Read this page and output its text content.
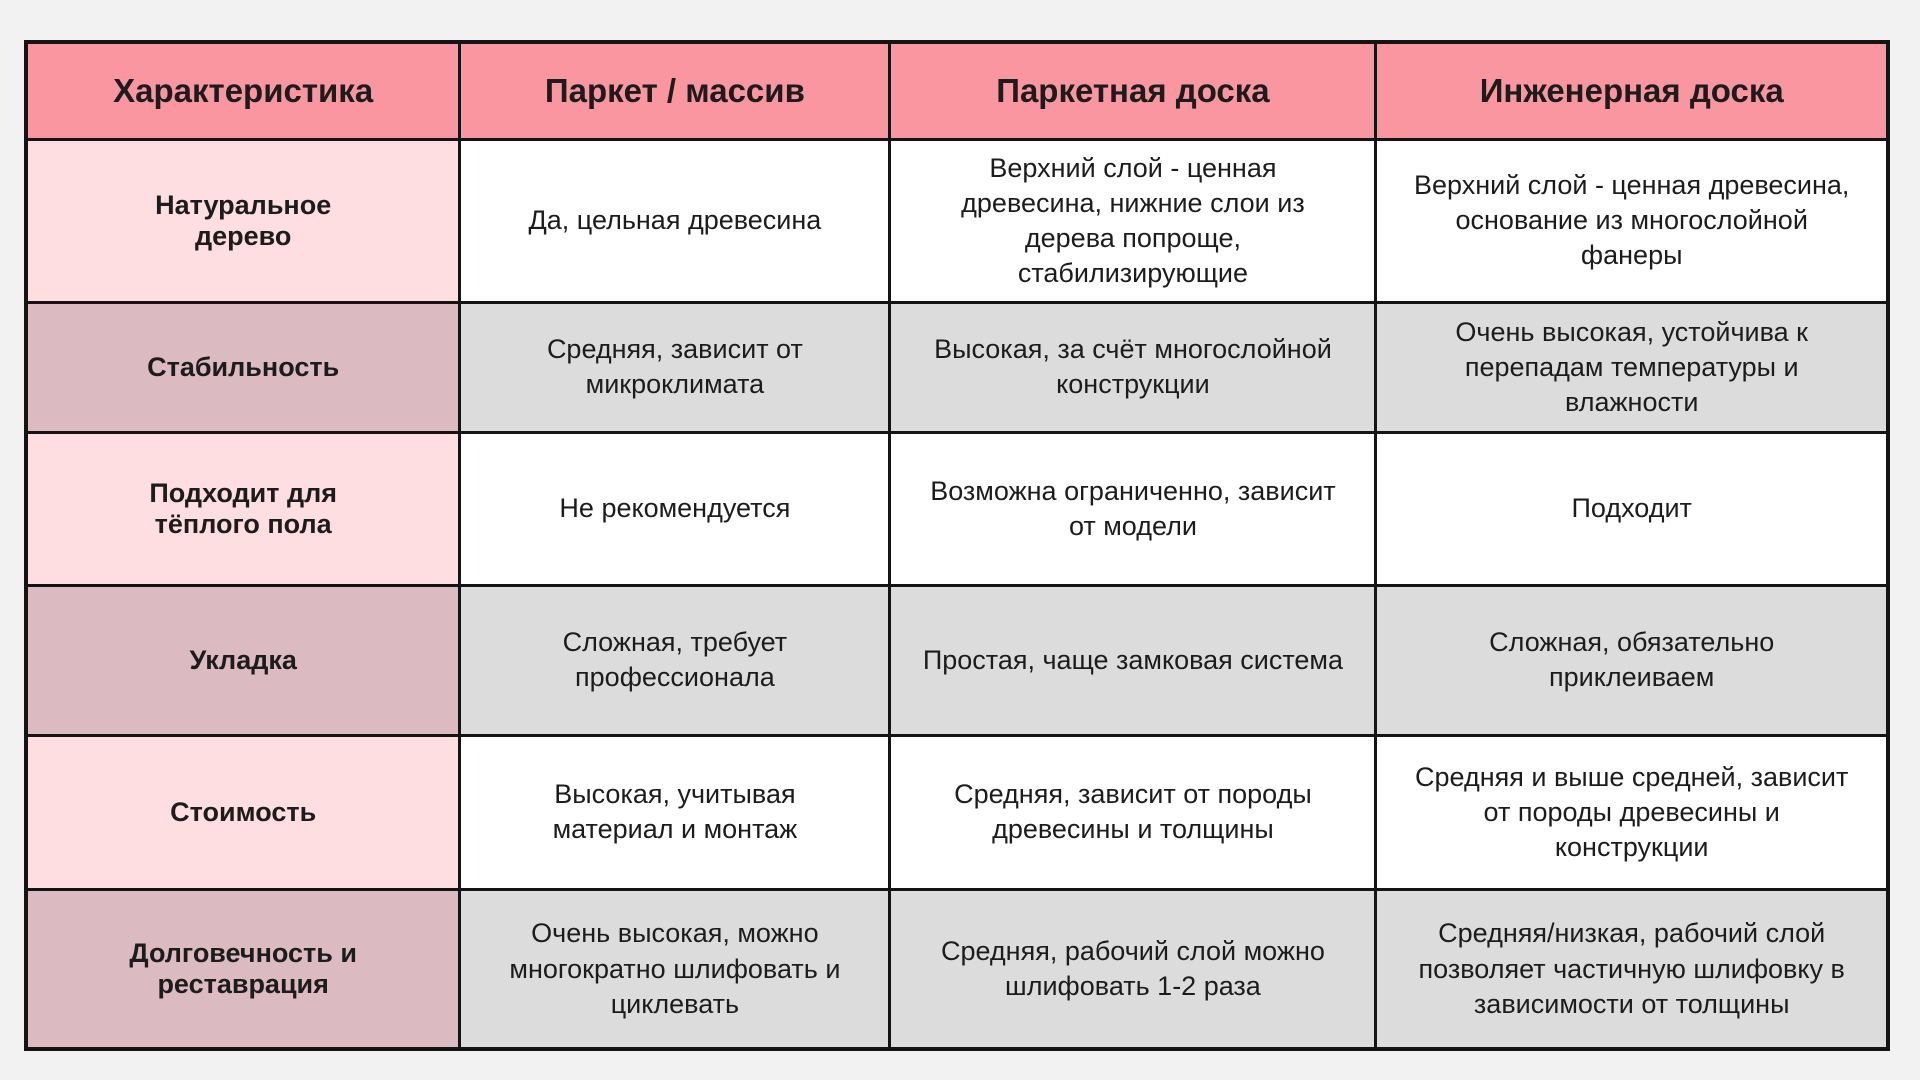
Характеристика	Паркет / массив	Паркетная доска	Инженерная доска
Натуральное дерево	Да, цельная древесина	Верхний слой - ценная древесина, нижние слои из дерева попроще, стабилизирующие	Верхний слой - ценная древесина, основание из многослойной фанеры
Стабильность	Средняя, зависит от микроклимата	Высокая, за счёт многослойной конструкции	Очень высокая, устойчива к перепадам температуры и влажности
Подходит для тёплого пола	Не рекомендуется	Возможна ограниченно, зависит от модели	Подходит
Укладка	Сложная, требует профессионала	Простая, чаще замковая система	Сложная, обязательно приклеиваем
Стоимость	Высокая, учитывая материал и монтаж	Средняя, зависит от породы древесины и толщины	Средняя и выше средней, зависит от породы древесины и конструкции
Долговечность и реставрация	Очень высокая, можно многократно шлифовать и циклевать	Средняя, рабочий слой можно шлифовать 1-2 раза	Средняя/низкая, рабочий слой позволяет частичную шлифовку в зависимости от толщины
